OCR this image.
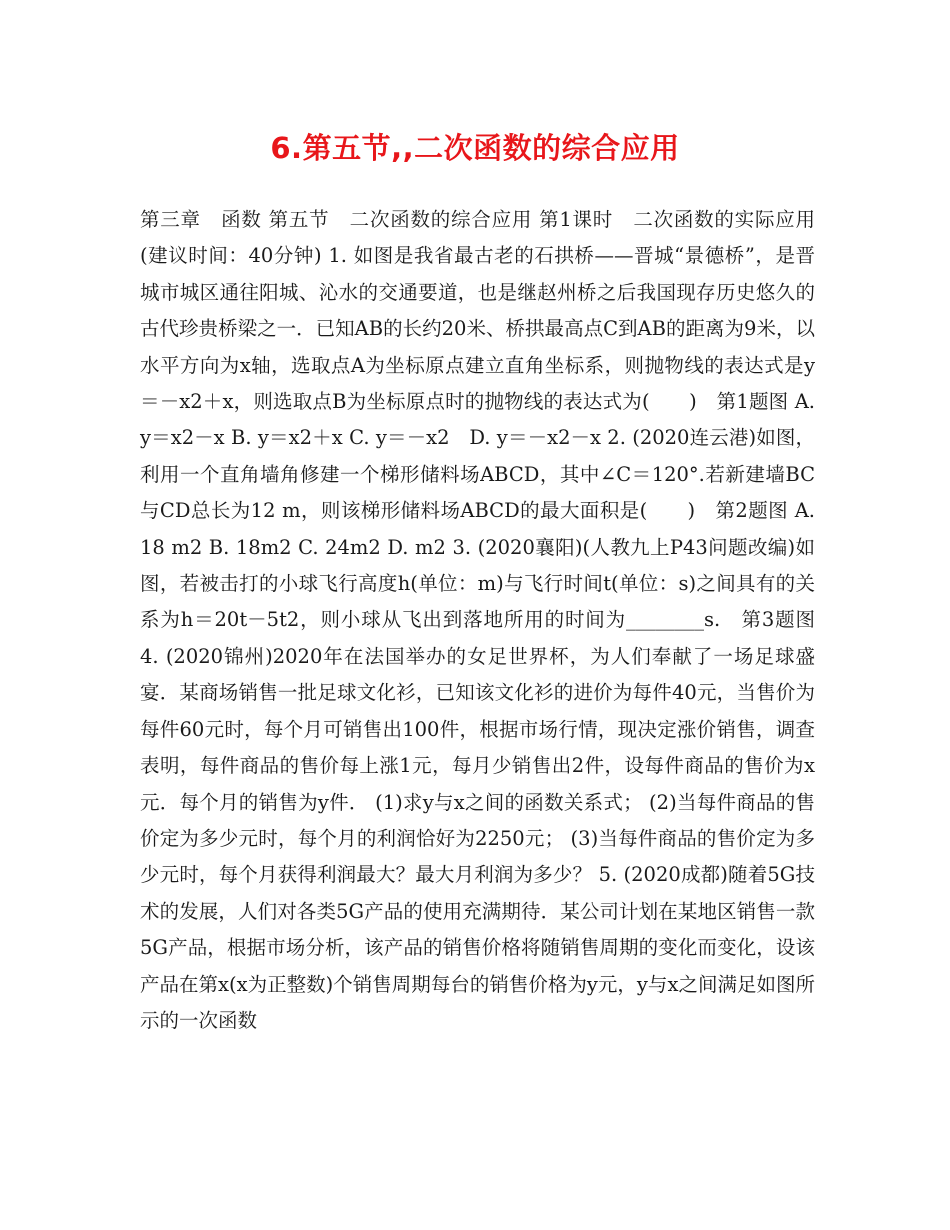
6.第五节,,二次函数的综合应用
第三章　函数 第五节　二次函数的综合应用 第1课时　二次函数的实际应用 (建议时间：40分钟) 1. 如图是我省最古老的石拱桥——晋城“景德桥”，是晋城市城区通往阳城、沁水的交通要道，也是继赵州桥之后我国现存历史悠久的古代珍贵桥梁之一．已知AB的长约20米、桥拱最高点C到AB的距离为9米，以水平方向为x轴，选取点A为坐标原点建立直角坐标系，则抛物线的表达式是y＝－x2＋x，则选取点B为坐标原点时的抛物线的表达式为(　　)　第1题图 A. y＝x2－x B. y＝x2＋x C. y＝－x2　D. y＝－x2－x 2. (2020连云港)如图，利用一个直角墙角修建一个梯形储料场ABCD，其中∠C＝120°.若新建墙BC与CD总长为12 m，则该梯形储料场ABCD的最大面积是(　　)　第2题图 A. 18 m2 B. 18m2 C. 24m2 D. m2 3. (2020襄阳)(人教九上P43问题改编)如图，若被击打的小球飞行高度h(单位：m)与飞行时间t(单位：s)之间具有的关系为h＝20t－5t2，则小球从飞出到落地所用的时间为________s.　第3题图　4. (2020锦州)2020年在法国举办的女足世界杯，为人们奉献了一场足球盛宴．某商场销售一批足球文化衫，已知该文化衫的进价为每件40元，当售价为每件60元时，每个月可销售出100件，根据市场行情，现决定涨价销售，调查表明，每件商品的售价每上涨1元，每月少销售出2件，设每件商品的售价为x元．每个月的销售为y件． (1)求y与x之间的函数关系式； (2)当每件商品的售价定为多少元时，每个月的利润恰好为2250元； (3)当每件商品的售价定为多少元时，每个月获得利润最大？最大月利润为多少？ 5. (2020成都)随着5G技术的发展，人们对各类5G产品的使用充满期待．某公司计划在某地区销售一款5G产品，根据市场分析，该产品的销售价格将随销售周期的变化而变化，设该产品在第x(x为正整数)个销售周期每台的销售价格为y元，y与x之间满足如图所示的一次函数
